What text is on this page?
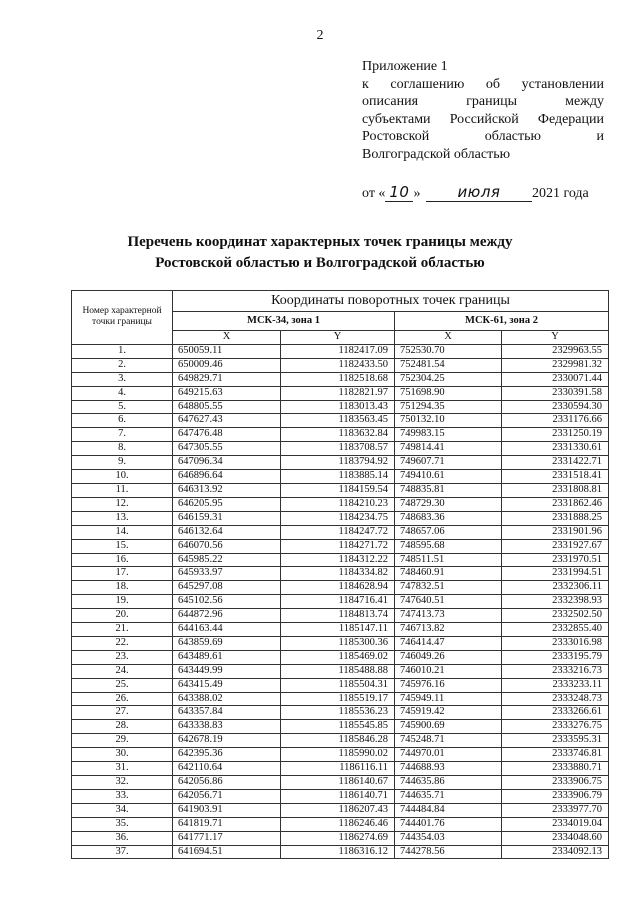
2
Приложение 1
к соглашению об установлении
описания границы между
субъектами Российской Федерации
Ростовской областью и
Волгоградской областью
от « 10 » июля 2021 года
Перечень координат характерных точек границы между
Ростовской областью и Волгоградской областью
Номер характерной точки границы	Координаты поворотных точек границы			
	МСК-34, зона 1		МСК-61, зона 2	
	X	Y	X	Y
1.	650059.11	1182417.09	752530.70	2329963.55
2.	650009.46	1182433.50	752481.54	2329981.32
3.	649829.71	1182518.68	752304.25	2330071.44
4.	649215.63	1182821.97	751698.90	2330391.58
5.	648805.55	1183013.43	751294.35	2330594.30
6.	647627.43	1183563.45	750132.10	2331176.66
7.	647476.48	1183632.84	749983.15	2331250.19
8.	647305.55	1183708.57	749814.41	2331330.61
9.	647096.34	1183794.92	749607.71	2331422.71
10.	646896.64	1183885.14	749410.61	2331518.41
11.	646313.92	1184159.54	748835.81	2331808.81
12.	646205.95	1184210.23	748729.30	2331862.46
13.	646159.31	1184234.75	748683.36	2331888.25
14.	646132.64	1184247.72	748657.06	2331901.96
15.	646070.56	1184271.72	748595.68	2331927.67
16.	645985.22	1184312.22	748511.51	2331970.51
17.	645933.97	1184334.82	748460.91	2331994.51
18.	645297.08	1184628.94	747832.51	2332306.11
19.	645102.56	1184716.41	747640.51	2332398.93
20.	644872.96	1184813.74	747413.73	2332502.50
21.	644163.44	1185147.11	746713.82	2332855.40
22.	643859.69	1185300.36	746414.47	2333016.98
23.	643489.61	1185469.02	746049.26	2333195.79
24.	643449.99	1185488.88	746010.21	2333216.73
25.	643415.49	1185504.31	745976.16	2333233.11
26.	643388.02	1185519.17	745949.11	2333248.73
27.	643357.84	1185536.23	745919.42	2333266.61
28.	643338.83	1185545.85	745900.69	2333276.75
29.	642678.19	1185846.28	745248.71	2333595.31
30.	642395.36	1185990.02	744970.01	2333746.81
31.	642110.64	1186116.11	744688.93	2333880.71
32.	642056.86	1186140.67	744635.86	2333906.75
33.	642056.71	1186140.71	744635.71	2333906.79
34.	641903.91	1186207.43	744484.84	2333977.70
35.	641819.71	1186246.46	744401.76	2334019.04
36.	641771.17	1186274.69	744354.03	2334048.60
37.	641694.51	1186316.12	744278.56	2334092.13
